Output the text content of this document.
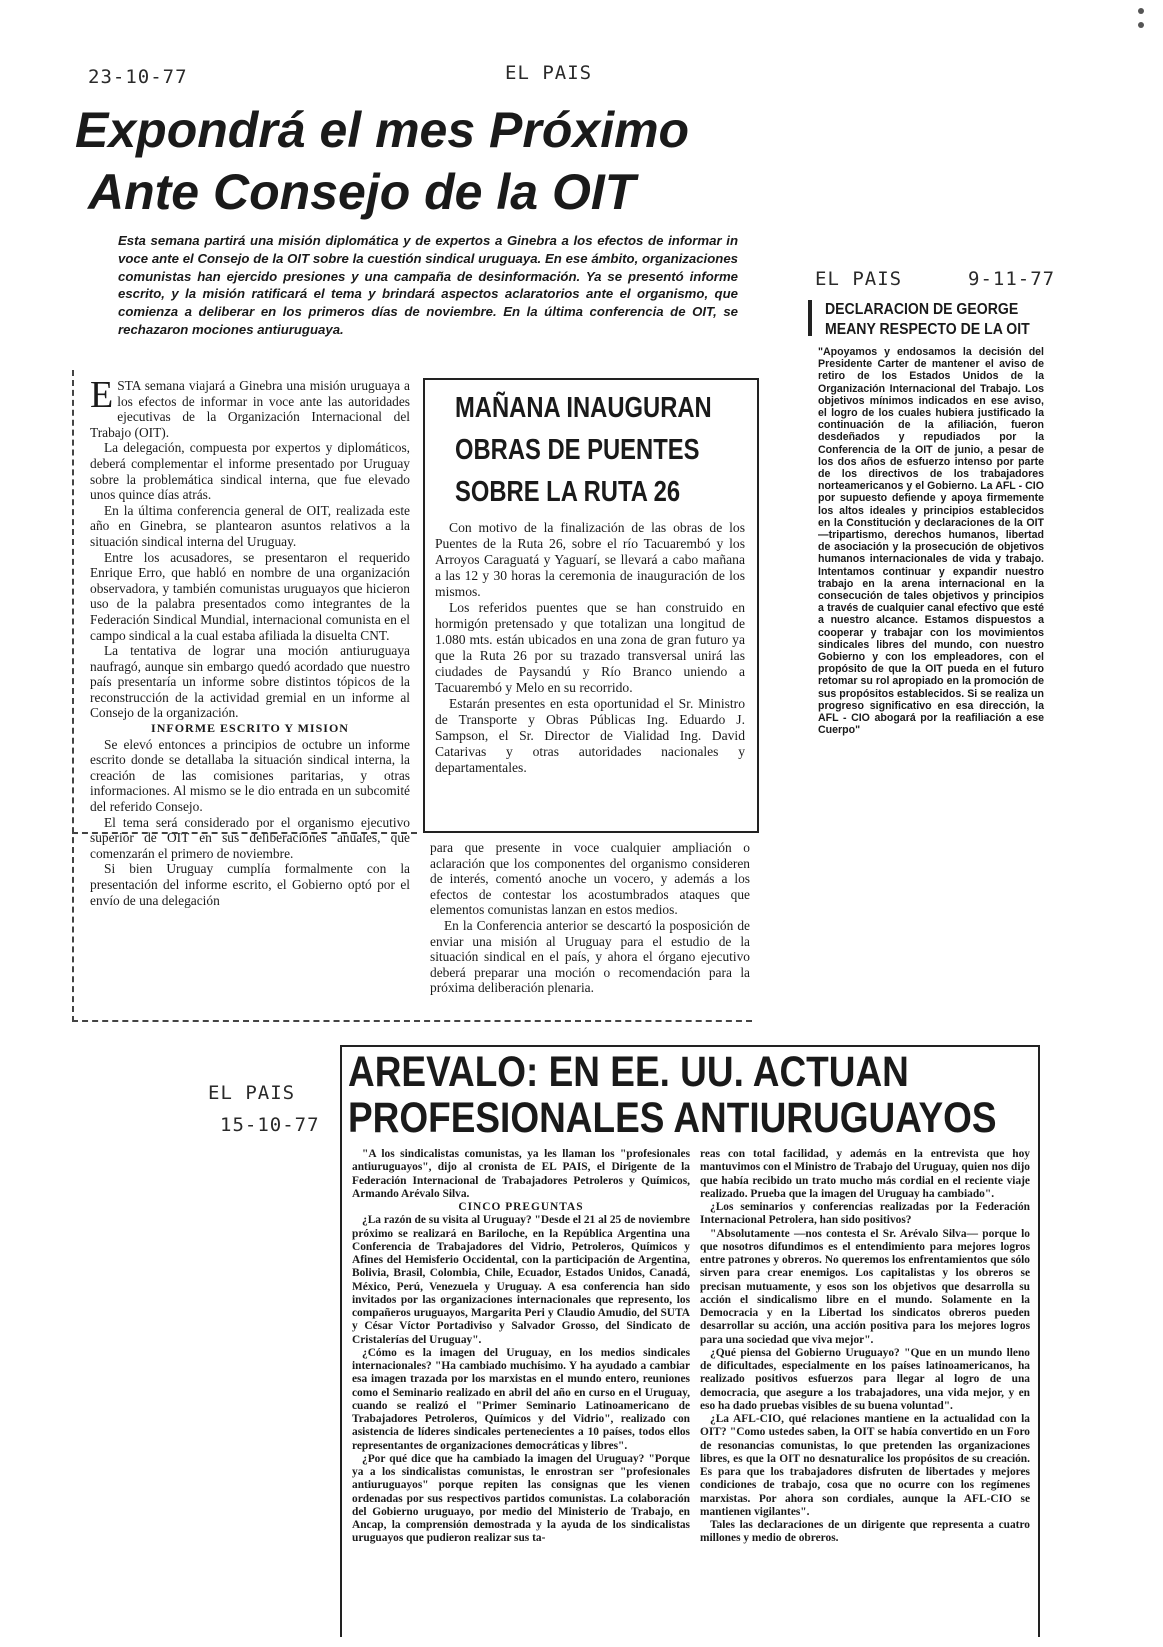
23-10-77	EL PAIS
Expondrá el mes Próximo
Ante Consejo de la OIT
Esta semana partirá una misión diplomática y de expertos a Ginebra a los efectos de informar in voce ante el Consejo de la OIT sobre la cuestión sindical uruguaya. En ese ámbito, organizaciones comunistas han ejercido presiones y una campaña de desinformación. Ya se presentó informe escrito, y la misión ratificará el tema y brindará aspectos aclaratorios ante el organismo, que comienza a deliberar en los primeros días de noviembre. En la última conferencia de OIT, se rechazaron mociones antiuruguaya.
E STA semana viajará a Ginebra una misión uruguaya a los efectos de informar in voce ante las autoridades ejecutivas de la Organización Internacional del Trabajo (OIT).

La delegación, compuesta por expertos y diplomáticos, deberá complementar el informe presentado por Uruguay sobre la problemática sindical interna, que fue elevado unos quince días atrás.

En la última conferencia general de OIT, realizada este año en Ginebra, se plantearon asuntos relativos a la situación sindical interna del Uruguay.

Entre los acusadores, se presentaron el requerido Enrique Erro, que habló en nombre de una organización observadora, y también comunistas uruguayos que hicieron uso de la palabra presentados como integrantes de la Federación Sindical Mundial, internacional comunista en el campo sindical a la cual estaba afiliada la disuelta CNT.

La tentativa de lograr una moción antiuruguaya naufragó, aunque sin embargo quedó acordado que nuestro país presentaría un informe sobre distintos tópicos de la reconstrucción de la actividad gremial en un informe al Consejo de la organización.

INFORME ESCRITO Y MISION

Se elevó entonces a principios de octubre un informe escrito donde se detallaba la situación sindical interna, la creación de las comisiones paritarias, y otras informaciones. Al mismo se le dio entrada en un subcomité del referido Consejo.

El tema será considerado por el organismo ejecutivo superior de OIT en sus deliberaciones anuales, que comenzarán el primero de noviembre.

Si bien Uruguay cumplía formalmente con la presentación del informe escrito, el Gobierno optó por el envío de una delegación

para que presente in voce cualquier ampliación o aclaración que los componentes del organismo consideren de interés, comentó anoche un vocero, y además a los efectos de contestar los acostumbrados ataques que elementos comunistas lanzan en estos medios.

En la Conferencia anterior se descartó la posposición de enviar una misión al Uruguay para el estudio de la situación sindical en el país, y ahora el órgano ejecutivo deberá preparar una moción o recomendación para la próxima deliberación plenaria.

MAÑANA INAUGURAN
OBRAS DE PUENTES
SOBRE LA RUTA 26

Con motivo de la finalización de las obras de los Puentes de la Ruta 26, sobre el río Tacuarembó y los Arroyos Caraguatá y Yaguarí, se llevará a cabo mañana a las 12 y 30 horas la ceremonia de inauguración de los mismos.

Los referidos puentes que se han construido en hormigón pretensado y que totalizan una longitud de 1.080 mts. están ubicados en una zona de gran futuro ya que la Ruta 26 por su trazado transversal unirá las ciudades de Paysandú y Río Branco uniendo a Tacuarembó y Melo en su recorrido.

Estarán presentes en esta oportunidad el Sr. Ministro de Transporte y Obras Públicas Ing. Eduardo J. Sampson, el Sr. Director de Vialidad Ing. David Catarivas y otras autoridades nacionales y departamentales.

EL PAIS	9-11-77
DECLARACION DE GEORGE
MEANY RESPECTO DE LA OIT
"Apoyamos y endosamos la decisión del Presidente Carter de mantener el aviso de retiro de los Estados Unidos de la Organización Internacional del Trabajo. Los objetivos mínimos indicados en ese aviso, el logro de los cuales hubiera justificado la continuación de la afiliación, fueron desdeñados y repudiados por la Conferencia de la OIT de junio, a pesar de los dos años de esfuerzo intenso por parte de los directivos de los trabajadores norteamericanos y el Gobierno. La AFL - CIO por supuesto defiende y apoya firmemente los altos ideales y principios establecidos en la Constitución y declaraciones de la OIT —tripartismo, derechos humanos, libertad de asociación y la prosecución de objetivos humanos internacionales de vida y trabajo. Intentamos continuar y expandir nuestro trabajo en la arena internacional en la consecución de tales objetivos y principios a través de cualquier canal efectivo que esté a nuestro alcance. Estamos dispuestos a cooperar y trabajar con los movimientos sindicales libres del mundo, con nuestro Gobierno y con los empleadores, con el propósito de que la OIT pueda en el futuro retomar su rol apropiado en la promoción de sus propósitos establecidos. Si se realiza un progreso significativo en esa dirección, la AFL - CIO abogará por la reafiliación a ese Cuerpo"
EL PAIS
15-10-77
AREVALO: EN EE. UU. ACTUAN
PROFESIONALES ANTIURUGUAYOS

"A los sindicalistas comunistas, ya les llaman los "profesionales antiuruguayos", dijo al cronista de EL PAIS, el Dirigente de la Federación Internacional de Trabajadores Petroleros y Químicos, Armando Arévalo Silva.

CINCO PREGUNTAS

¿La razón de su visita al Uruguay? "Desde el 21 al 25 de noviembre próximo se realizará en Bariloche, en la República Argentina una Conferencia de Trabajadores del Vidrio, Petroleros, Químicos y Afines del Hemisferio Occidental, con la participación de Argentina, Bolivia, Brasil, Colombia, Chile, Ecuador, Estados Unidos, Canadá, México, Perú, Venezuela y Uruguay. A esa conferencia han sido invitados por las organizaciones internacionales que represento, los compañeros uruguayos, Margarita Peri y Claudio Amudio, del SUTA y César Víctor Portadiviso y Salvador Grosso, del Sindicato de Cristalerías del Uruguay".

¿Cómo es la imagen del Uruguay, en los medios sindicales internacionales? "Ha cambiado muchísimo. Y ha ayudado a cambiar esa imagen trazada por los marxistas en el mundo entero, reuniones como el Seminario realizado en abril del año en curso en el Uruguay, cuando se realizó el "Primer Seminario Latinoamericano de Trabajadores Petroleros, Químicos y del Vidrio", realizado con asistencia de líderes sindicales pertenecientes a 10 países, todos ellos representantes de organizaciones democráticas y libres".

¿Por qué dice que ha cambiado la imagen del Uruguay? "Porque ya a los sindicalistas comunistas, le enrostran ser "profesionales antiuruguayos" porque repiten las consignas que les vienen ordenadas por sus respectivos partidos comunistas. La colaboración del Gobierno uruguayo, por medio del Ministerio de Trabajo, en Ancap, la comprensión demostrada y la ayuda de los sindicalistas uruguayos que pudieron realizar sus ta-

reas con total facilidad, y además en la entrevista que hoy mantuvimos con el Ministro de Trabajo del Uruguay, quien nos dijo que había recibido un trato mucho más cordial en el reciente viaje realizado. Prueba que la imagen del Uruguay ha cambiado".

¿Los seminarios y conferencias realizadas por la Federación Internacional Petrolera, han sido positivos?

"Absolutamente —nos contesta el Sr. Arévalo Silva— porque lo que nosotros difundimos es el entendimiento para mejores logros entre patrones y obreros. No queremos los enfrentamientos que sólo sirven para crear enemigos. Los capitalistas y los obreros se precisan mutuamente, y esos son los objetivos que desarrolla su acción el sindicalismo libre en el mundo. Solamente en la Democracia y en la Libertad los sindicatos obreros pueden desarrollar su acción, una acción positiva para los mejores logros para una sociedad que viva mejor".

¿Qué piensa del Gobierno Uruguayo? "Que en un mundo lleno de dificultades, especialmente en los países latinoamericanos, ha realizado positivos esfuerzos para llegar al logro de una democracia, que asegure a los trabajadores, una vida mejor, y en eso ha dado pruebas visibles de su buena voluntad".

¿La AFL-CIO, qué relaciones mantiene en la actualidad con la OIT? "Como ustedes saben, la OIT se había convertido en un Foro de resonancias comunistas, lo que pretenden las organizaciones libres, es que la OIT no desnaturalice los propósitos de su creación. Es para que los trabajadores disfruten de libertades y mejores condiciones de trabajo, cosa que no ocurre con los regímenes marxistas. Por ahora son cordiales, aunque la AFL-CIO se mantienen vigilantes".

Tales las declaraciones de un dirigente que representa a cuatro millones y medio de obreros.
